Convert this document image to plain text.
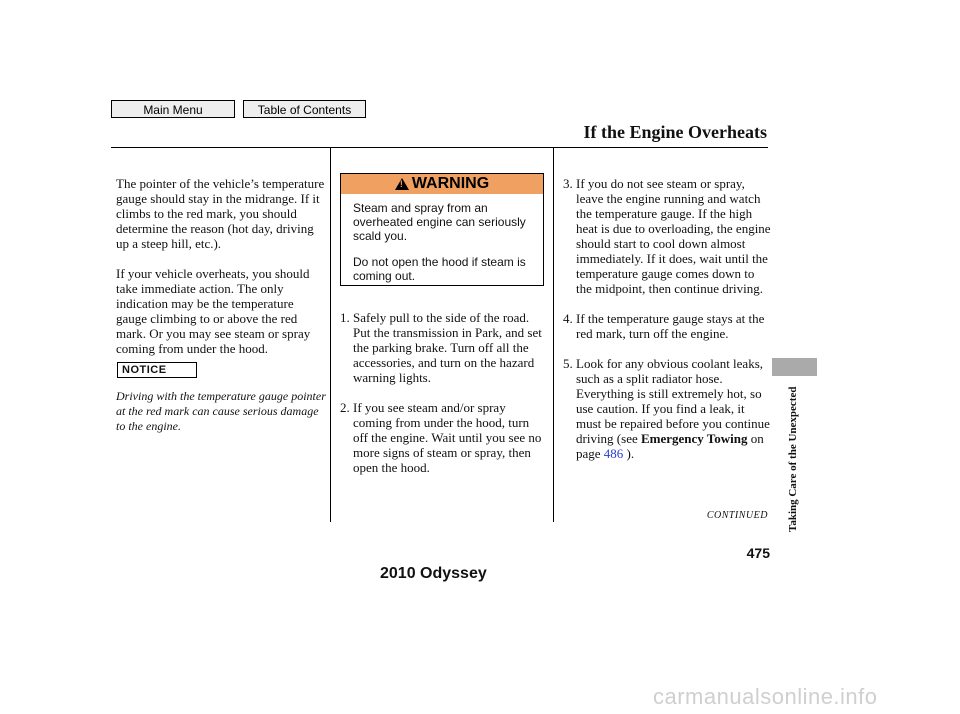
Main Menu	Table of Contents
If the Engine Overheats

The pointer of the vehicle’s temperature gauge should stay in the midrange. If it climbs to the red mark, you should determine the reason (hot day, driving up a steep hill, etc.).

If your vehicle overheats, you should take immediate action. The only indication may be the temperature gauge climbing to or above the red mark. Or you may see steam or spray coming from under the hood.

NOTICE
Driving with the temperature gauge pointer at the red mark can cause serious damage to the engine.
!
WARNING

Steam and spray from an overheated engine can seriously scald you.

Do not open the hood if steam is coming out.

1. Safely pull to the side of the road. Put the transmission in Park, and set the parking brake. Turn off all the accessories, and turn on the hazard warning lights.
2. If you see steam and/or spray coming from under the hood, turn off the engine. Wait until you see no more signs of steam or spray, then open the hood.
3. If you do not see steam or spray, leave the engine running and watch the temperature gauge. If the high heat is due to overloading, the engine should start to cool down almost immediately. If it does, wait until the temperature gauge comes down to the midpoint, then continue driving.
4. If the temperature gauge stays at the red mark, turn off the engine.
5. Look for any obvious coolant leaks, such as a split radiator hose. Everything is still extremely hot, so use caution. If you find a leak, it must be repaired before you continue driving (see Emergency Towing on page 486 ).
CONTINUED	Taking Care of the Unexpected
475
2010 Odyssey
carmanualsonline.info
